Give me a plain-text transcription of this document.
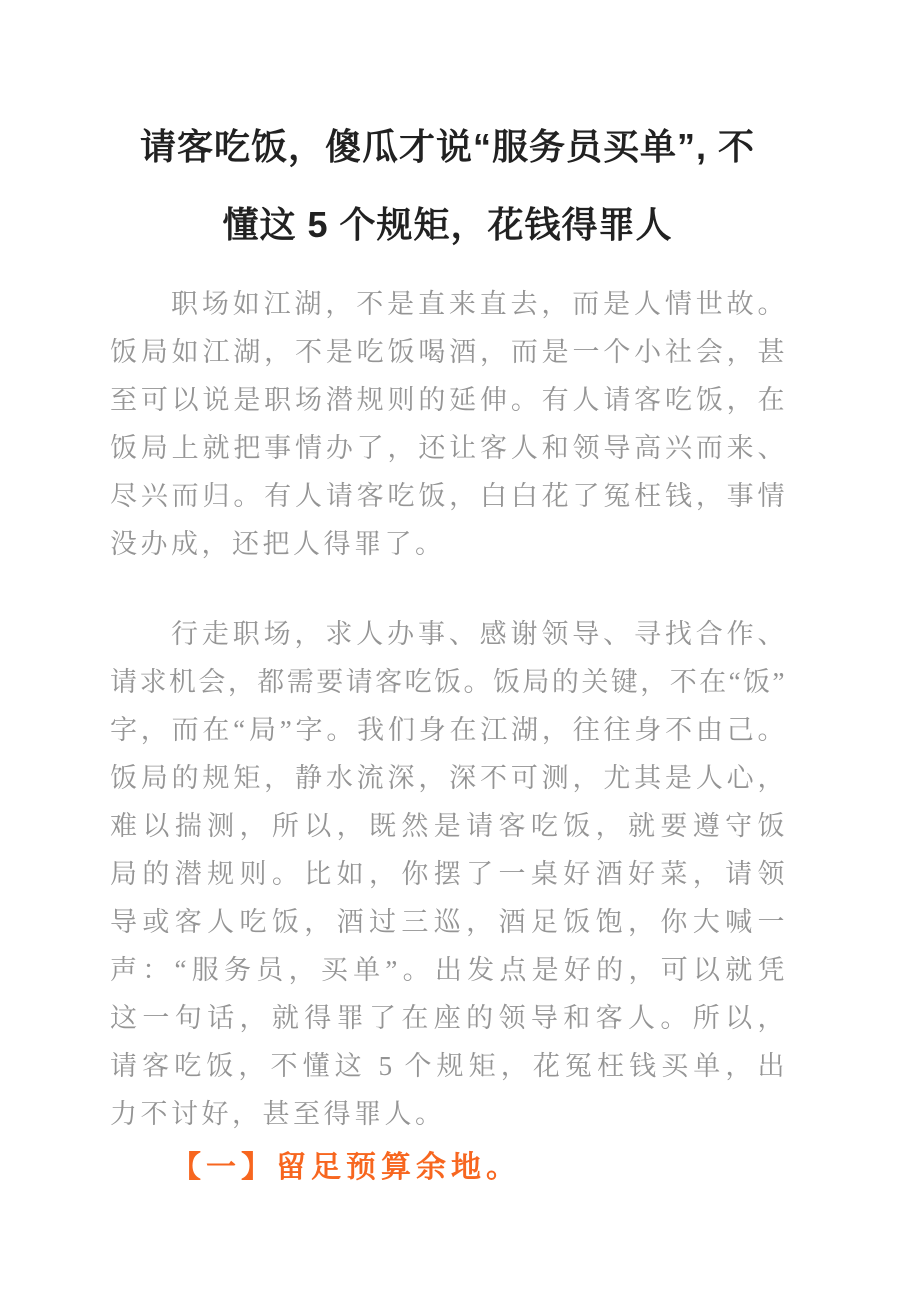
请客吃饭，傻瓜才说“服务员买单”, 不
懂这 5 个规矩，花钱得罪人
职场如江湖，不是直来直去，而是人情世故。
饭局如江湖，不是吃饭喝酒，而是一个小社会，甚
至可以说是职场潜规则的延伸。有人请客吃饭，在
饭局上就把事情办了，还让客人和领导高兴而来、
尽兴而归。有人请客吃饭，白白花了冤枉钱，事情
没办成，还把人得罪了。
行走职场，求人办事、感谢领导、寻找合作、
请求机会，都需要请客吃饭。饭局的关键，不在“饭”
字，而在“局”字。我们身在江湖，往往身不由己。
饭局的规矩，静水流深，深不可测，尤其是人心，
难以揣测，所以，既然是请客吃饭，就要遵守饭
局的潜规则。比如，你摆了一桌好酒好菜，请领
导或客人吃饭，酒过三巡，酒足饭饱，你大喊一
声：“服务员，买单”。出发点是好的，可以就凭
这一句话，就得罪了在座的领导和客人。所以，
请客吃饭，不懂这 5 个规矩，花冤枉钱买单，出
力不讨好，甚至得罪人。
【一】留足预算余地。
